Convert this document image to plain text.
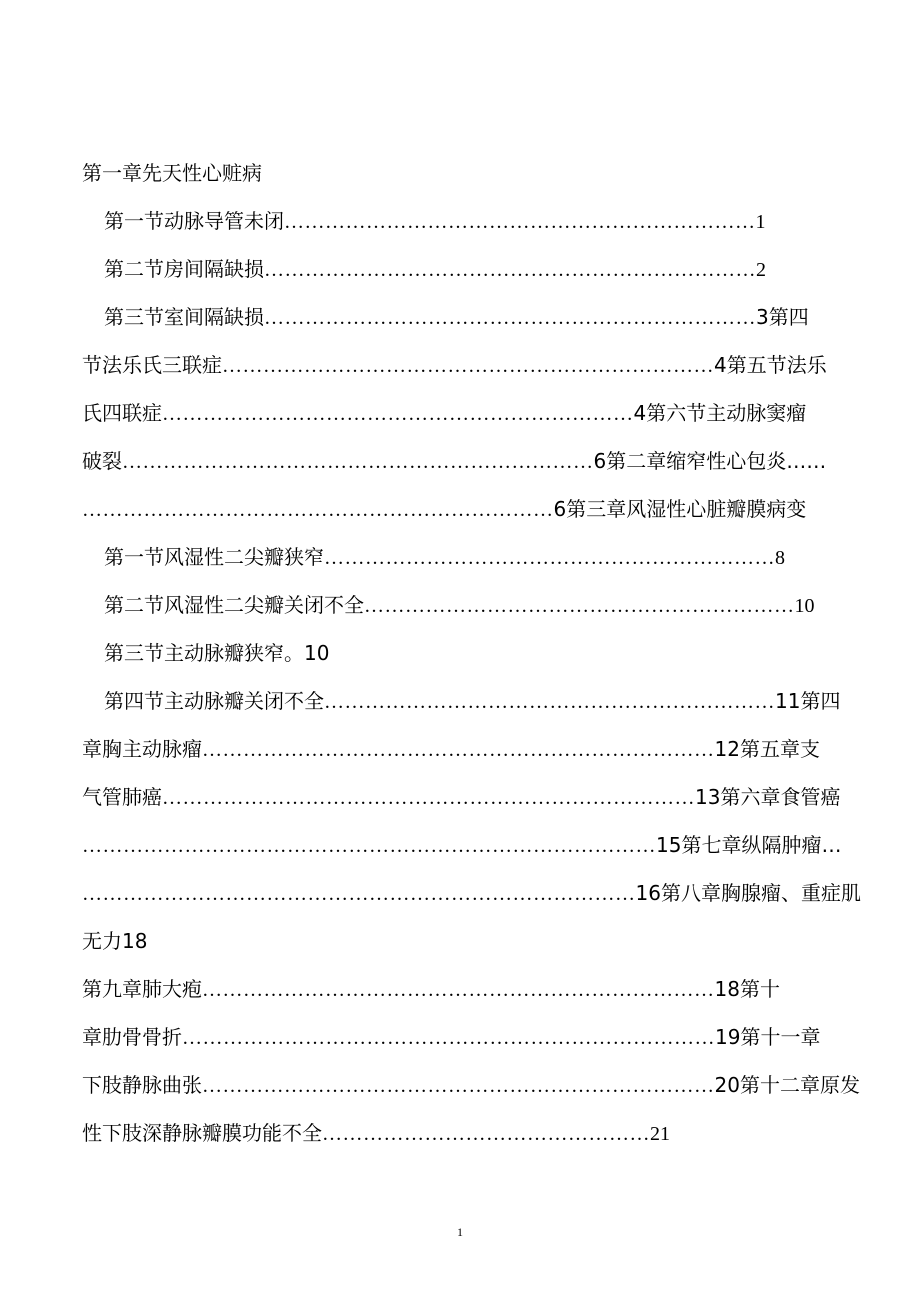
第一章先天性心赃病
第一节动脉导管未闭……………………………………………………………1
第二节房间隔缺损………………………………………………………………2
第三节室间隔缺损………………………………………………………………3第四
节法乐氏三联症………………………………………………………………4第五节法乐
氏四联症……………………………………………………………4第六节主动脉窦瘤
破裂……………………………………………………………6第二章缩窄性心包炎……
……………………………………………………………6第三章风湿性心脏瓣膜病变
第一节风湿性二尖瓣狭窄…………………………………………………………8
第二节风湿性二尖瓣关闭不全………………………………………………………10
第三节主动脉瓣狭窄。10
第四节主动脉瓣关闭不全…………………………………………………………11第四
章胸主动脉瘤…………………………………………………………………12第五章支
气管肺癌……………………………………………………………………13第六章食管癌
…………………………………………………………………………15第七章纵隔肿瘤…
………………………………………………………………………16第八章胸腺瘤、重症肌
无力18
第九章肺大疱…………………………………………………………………18第十
章肋骨骨折……………………………………………………………………19第十一章
下肢静脉曲张…………………………………………………………………20第十二章原发
性下肢深静脉瓣膜功能不全…………………………………………21
1
